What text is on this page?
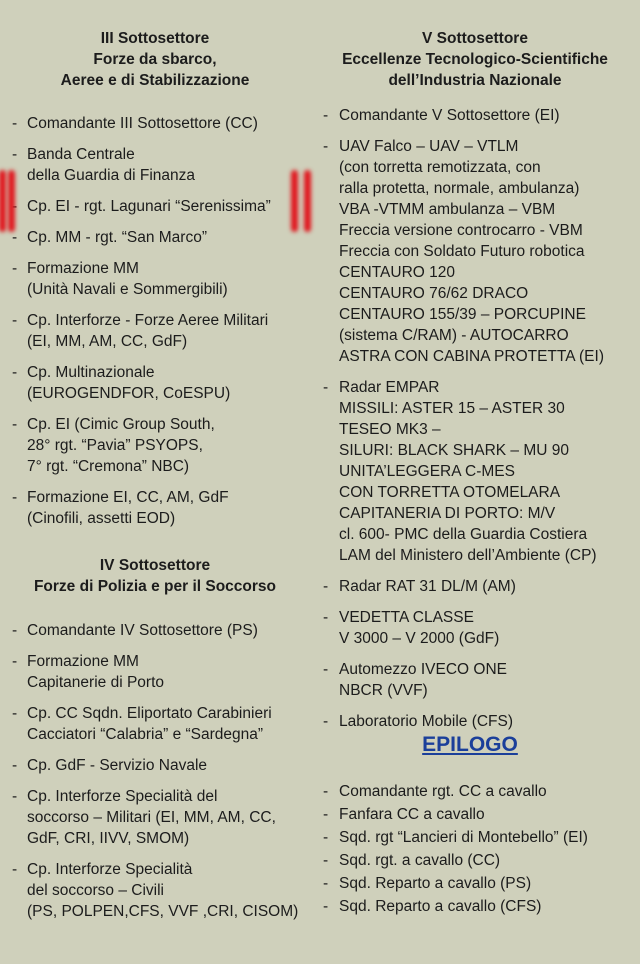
III Sottosettore
Forze da sbarco,
Aeree e di Stabilizzazione
- Comandante III Sottosettore (CC)
- Banda Centrale
della Guardia di Finanza
- Cp. EI - rgt. Lagunari “Serenissima”
- Cp. MM - rgt. “San Marco”
- Formazione MM
(Unità Navali e Sommergibili)
- Cp. Interforze - Forze Aeree Militari
(EI, MM, AM, CC, GdF)
- Cp. Multinazionale
(EUROGENDFOR, CoESPU)
- Cp. EI (Cimic Group South,
28° rgt. “Pavia” PSYOPS,
7° rgt. “Cremona” NBC)
- Formazione EI, CC, AM, GdF
(Cinofili, assetti EOD)
IV Sottosettore
Forze di Polizia e per il Soccorso
- Comandante IV Sottosettore (PS)
- Formazione MM
Capitanerie di Porto
- Cp. CC Sqdn. Eliportato Carabinieri
Cacciatori “Calabria” e “Sardegna”
- Cp. GdF - Servizio Navale
- Cp. Interforze Specialità del
soccorso – Militari (EI, MM, AM, CC,
GdF, CRI, IIVV, SMOM)
- Cp. Interforze Specialità
del soccorso – Civili
(PS, POLPEN,CFS, VVF ,CRI, CISOM)
V Sottosettore
Eccellenze Tecnologico-Scientifiche
dell’Industria Nazionale
- Comandante V Sottosettore (EI)
- UAV Falco – UAV – VTLM
(con torretta remotizzata, con
ralla protetta, normale, ambulanza)
VBA -VTMM ambulanza – VBM
Freccia versione controcarro - VBM
Freccia con Soldato Futuro robotica
CENTAURO 120
CENTAURO 76/62 DRACO
CENTAURO 155/39 – PORCUPINE
(sistema C/RAM) - AUTOCARRO
ASTRA CON CABINA PROTETTA (EI)
- Radar EMPAR
MISSILI: ASTER 15 – ASTER 30
TESEO MK3 –
SILURI: BLACK SHARK – MU 90
UNITA’LEGGERA C-MES
CON TORRETTA OTOMELARA
CAPITANERIA DI PORTO: M/V
cl. 600- PMC della Guardia Costiera
LAM del Ministero dell’Ambiente (CP)
- Radar RAT 31 DL/M (AM)
- VEDETTA CLASSE
V 3000 – V 2000 (GdF)
- Automezzo IVECO ONE
NBCR (VVF)
- Laboratorio Mobile (CFS)
EPILOGO
- Comandante rgt. CC a cavallo
- Fanfara CC a cavallo
- Sqd. rgt “Lancieri di Montebello” (EI)
- Sqd. rgt. a cavallo (CC)
- Sqd. Reparto a cavallo (PS)
- Sqd. Reparto a cavallo (CFS)
